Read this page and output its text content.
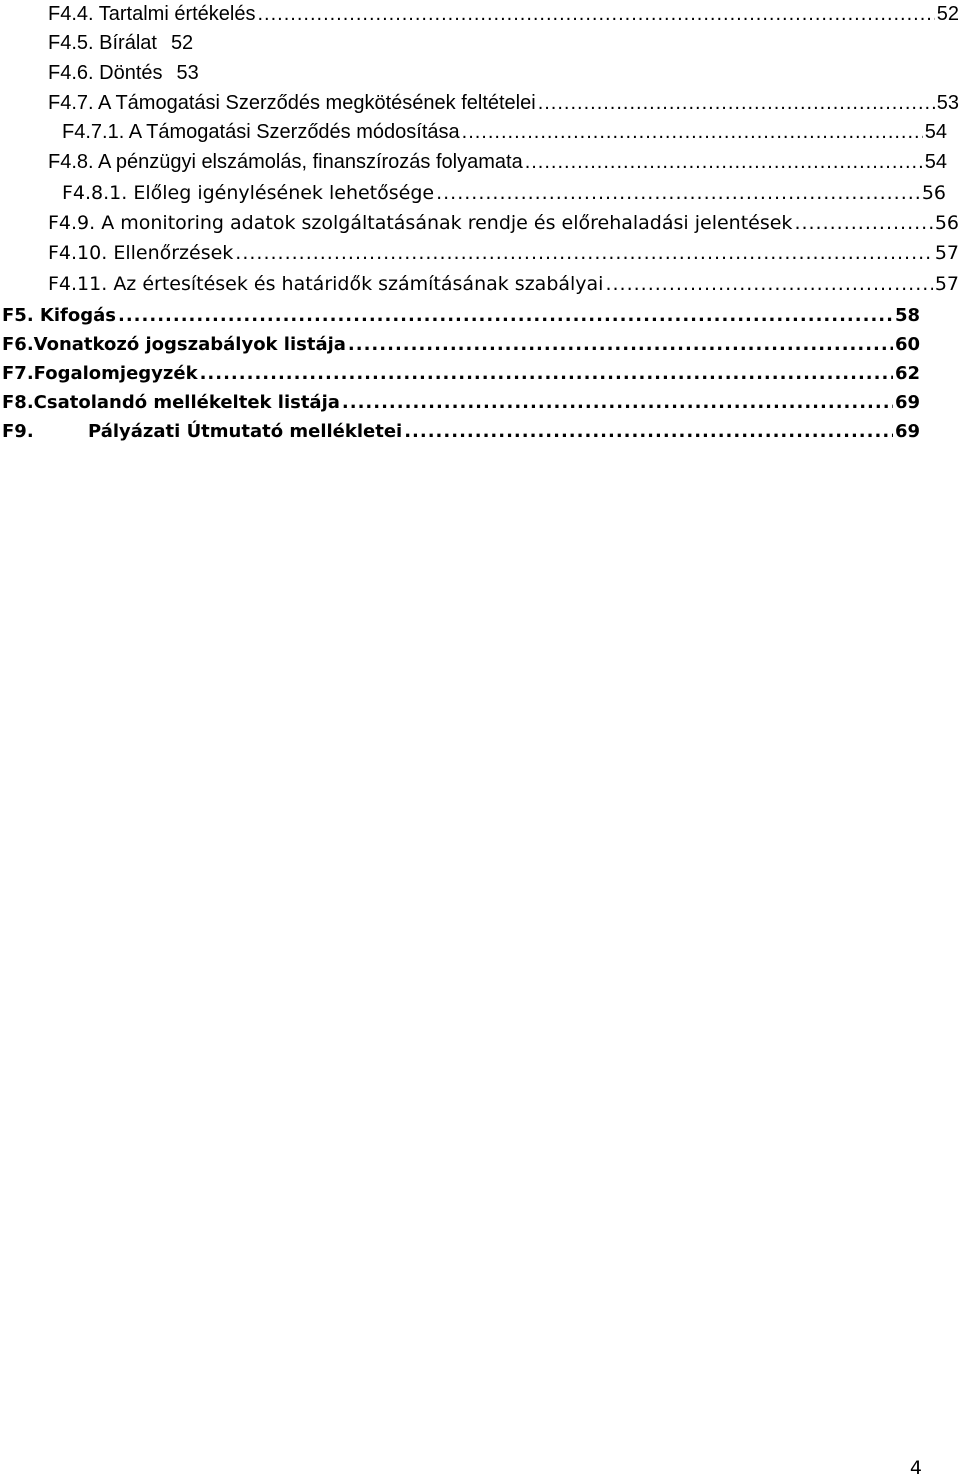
F4.4. Tartalmi értékelés .....	52
F4.5. Bírálat 52
F4.6. Döntés 53
F4.7. A Támogatási Szerződés megkötésének feltételei .....	53
F4.7.1. A Támogatási Szerződés módosítása .....	54
F4.8. A pénzügyi elszámolás, finanszírozás folyamata .....	54
F4.8.1. Előleg igénylésének lehetősége .....	56
F4.9. A monitoring adatok szolgáltatásának rendje és előrehaladási jelentések .....	56
F4.10. Ellenőrzések .....	57
F4.11. Az értesítések és határidők számításának szabályai .....	57
F5. Kifogás .....	58
F6.Vonatkozó jogszabályok listája .....	60
F7.Fogalomjegyzék .....	62
F8.Csatolandó mellékeltek listája .....	69
F9.	Pályázati Útmutató mellékletei .....	69
4
